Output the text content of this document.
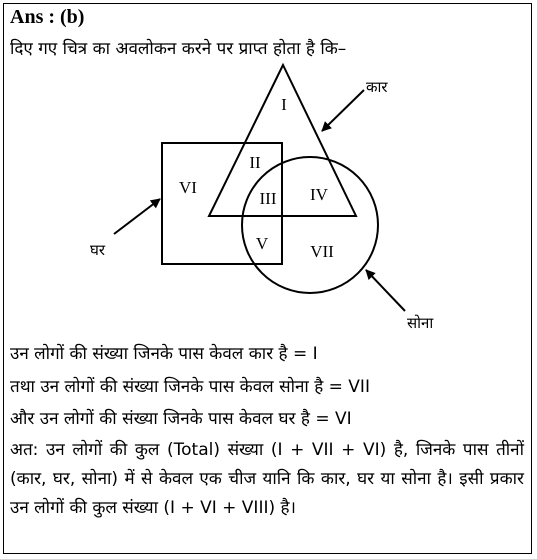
Ans : (b)
दिए गए चित्र का अवलोकन करने पर प्राप्त होता है कि–
I
II
III IV
V
VI
VII
कार
घर
सोना
उन लोगों की संख्या जिनके पास केवल कार है = I
तथा उन लोगों की संख्या जिनके पास केवल सोना है = VII
और उन लोगों की संख्या जिनके पास केवल घर है = VI
अत: उन लोगों की कुल (Total) संख्या (I + VII + VI) है, जिनके पास तीनों (कार, घर, सोना) में से केवल एक चीज यानि कि कार, घर या सोना है। इसी प्रकार उन लोगों की कुल संख्या (I + VI + VIII) है।
